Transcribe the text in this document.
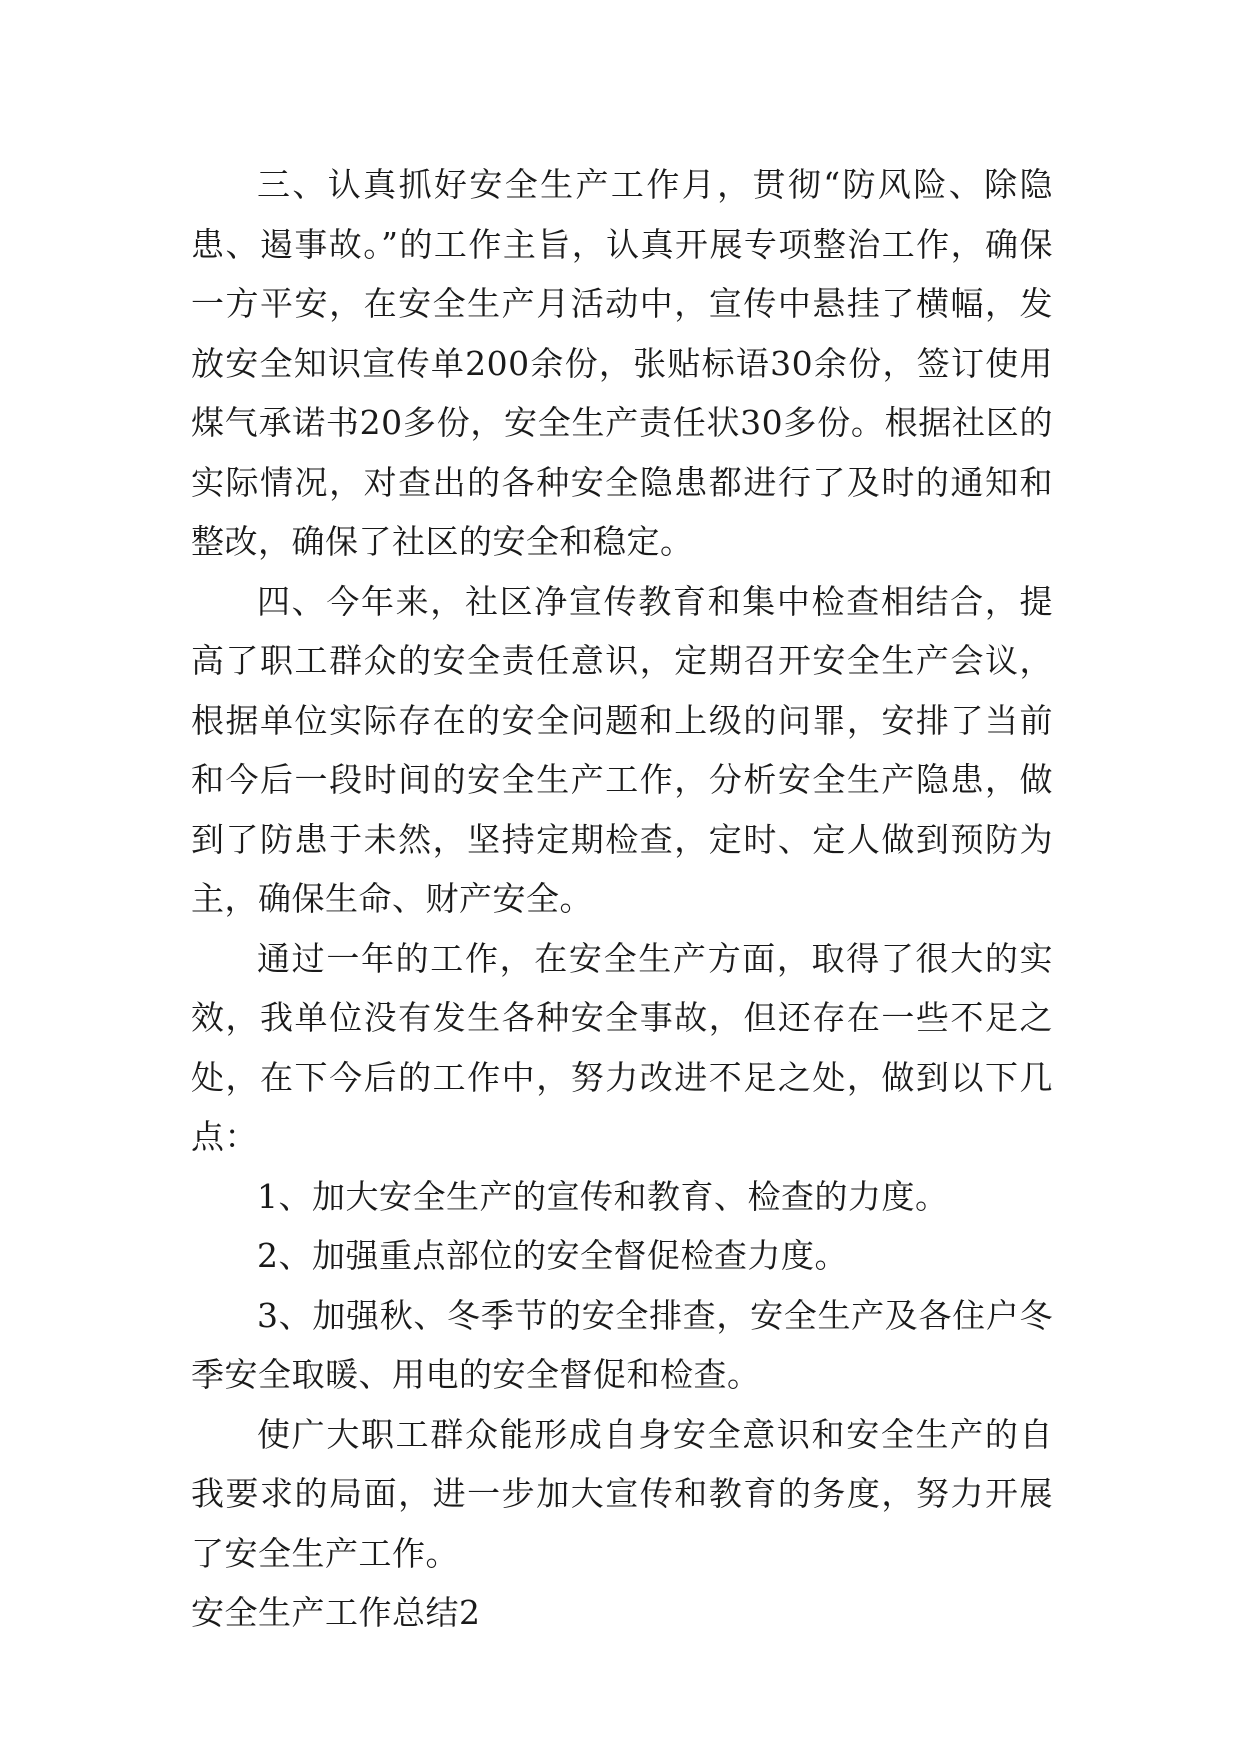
三、认真抓好安全生产工作月，贯彻“防风险、除隐患、遏事故。”的工作主旨，认真开展专项整治工作，确保一方平安，在安全生产月活动中，宣传中悬挂了横幅，发放安全知识宣传单200余份，张贴标语30余份，签订使用煤气承诺书20多份，安全生产责任状30多份。根据社区的实际情况，对查出的各种安全隐患都进行了及时的通知和整改，确保了社区的安全和稳定。

四、今年来，社区净宣传教育和集中检查相结合，提高了职工群众的安全责任意识，定期召开安全生产会议，根据单位实际存在的安全问题和上级的问罪，安排了当前和今后一段时间的安全生产工作，分析安全生产隐患，做到了防患于未然，坚持定期检查，定时、定人做到预防为主，确保生命、财产安全。

通过一年的工作，在安全生产方面，取得了很大的实效，我单位没有发生各种安全事故，但还存在一些不足之处，在下今后的工作中，努力改进不足之处，做到以下几点：

1、加大安全生产的宣传和教育、检查的力度。

2、加强重点部位的安全督促检查力度。

3、加强秋、冬季节的安全排查，安全生产及各住户冬季安全取暖、用电的安全督促和检查。

使广大职工群众能形成自身安全意识和安全生产的自我要求的局面，进一步加大宣传和教育的务度，努力开展了安全生产工作。

安全生产工作总结2
